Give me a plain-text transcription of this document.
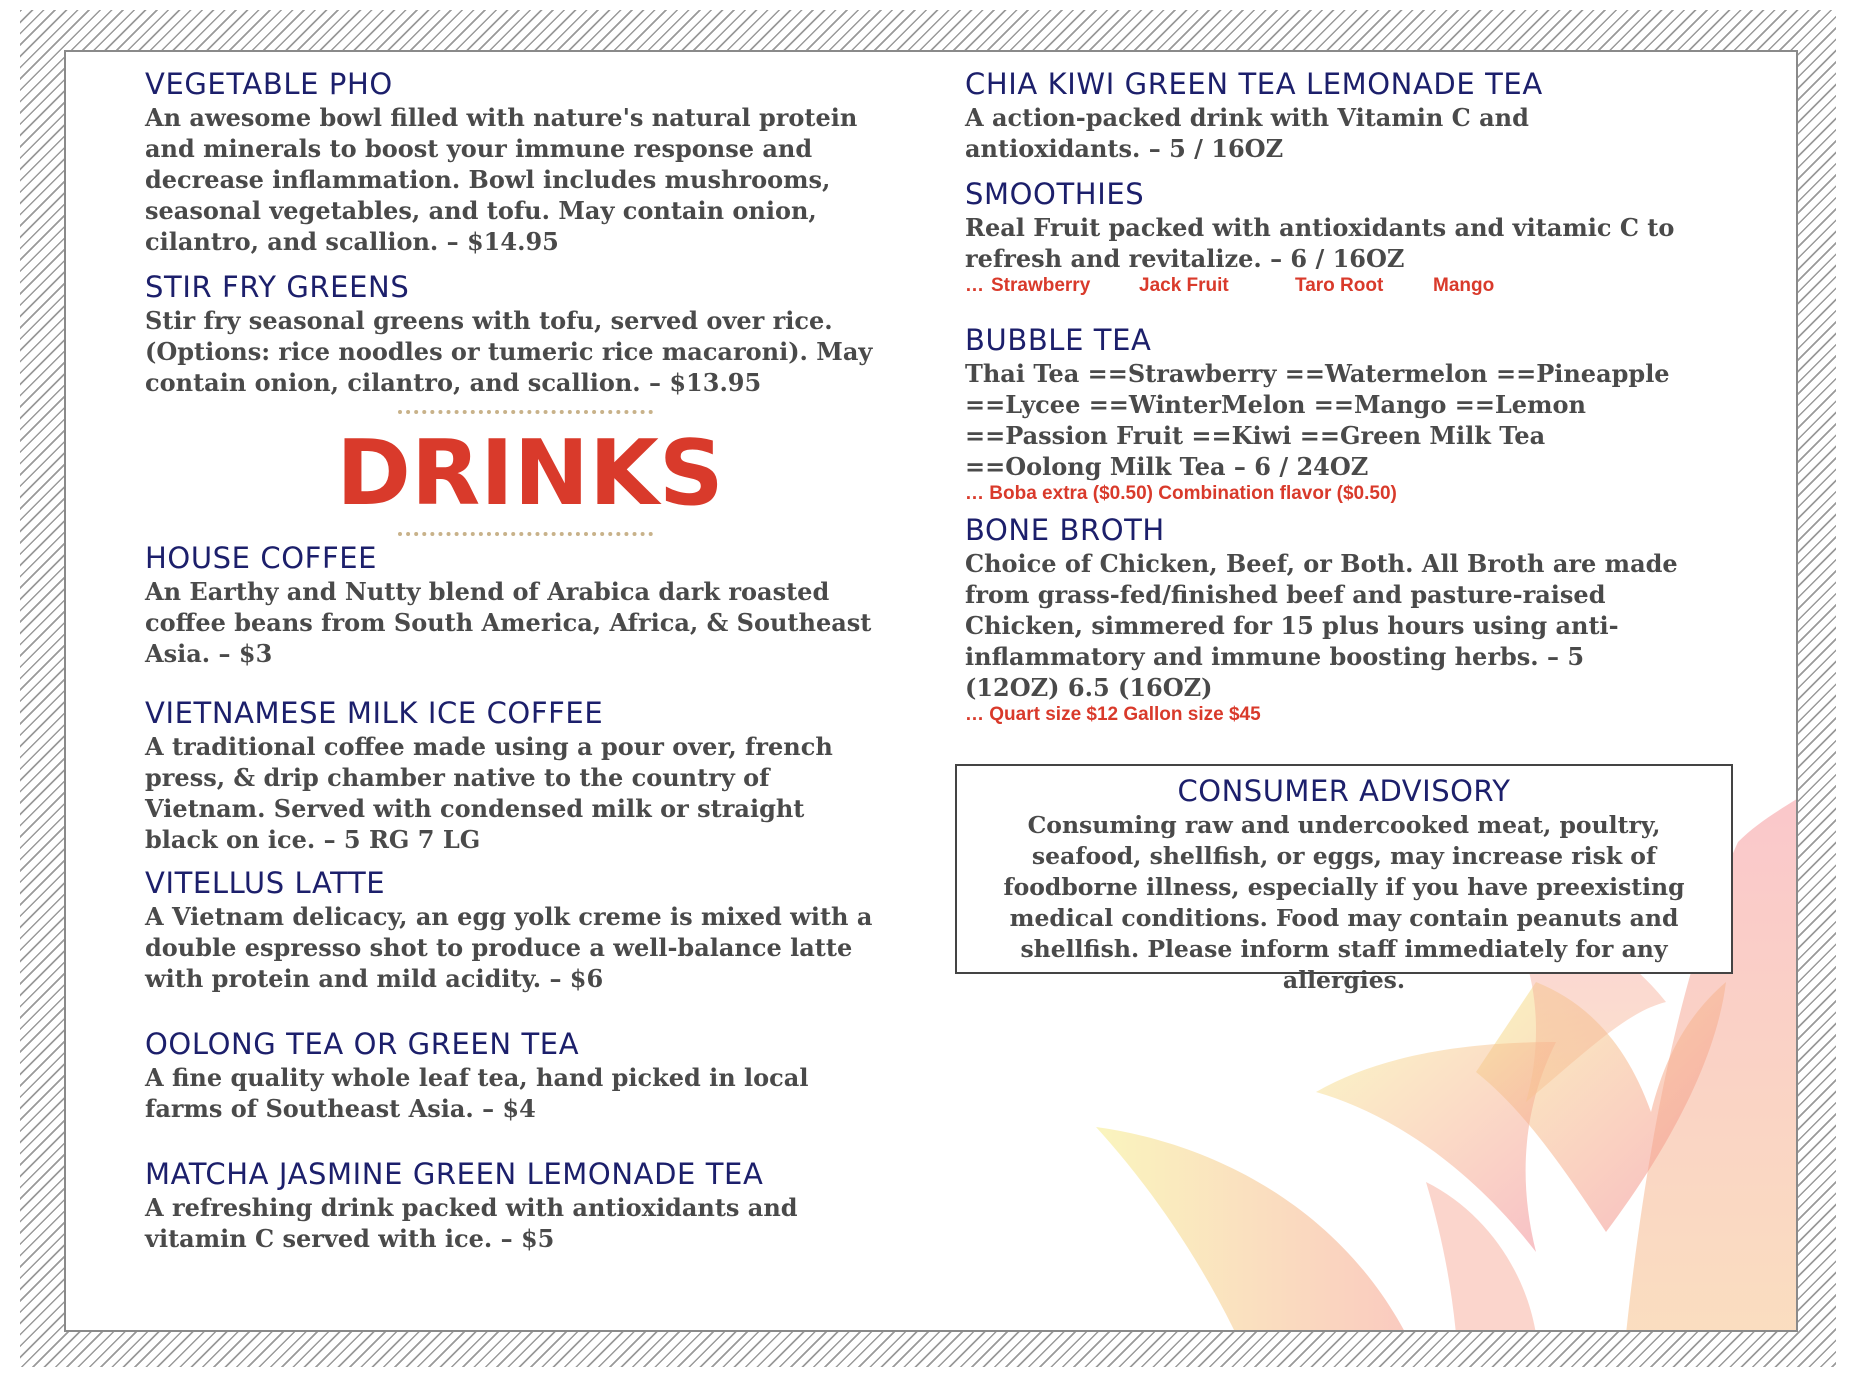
VEGETABLE PHO

An awesome bowl filled with nature's natural protein and minerals to boost your immune response and decrease inflammation. Bowl includes mushrooms, seasonal vegetables, and tofu. May contain onion, cilantro, and scallion. – $14.95

STIR FRY GREENS

Stir fry seasonal greens with tofu, served over rice. (Options: rice noodles or tumeric rice macaroni). May contain onion, cilantro, and scallion. – $13.95

DRINKS
HOUSE COFFEE

An Earthy and Nutty blend of Arabica dark roasted coffee beans from South America, Africa, & Southeast Asia. – $3

VIETNAMESE MILK ICE COFFEE

A traditional coffee made using a pour over, french press, & drip chamber native to the country of Vietnam. Served with condensed milk or straight black on ice. – 5 RG 7 LG

VITELLUS LATTE

A Vietnam delicacy, an egg yolk creme is mixed with a double espresso shot to produce a well-balance latte with protein and mild acidity. – $6

OOLONG TEA OR GREEN TEA

A fine quality whole leaf tea, hand picked in local farms of Southeast Asia. – $4

MATCHA JASMINE GREEN LEMONADE TEA

A refreshing drink packed with antioxidants and vitamin C served with ice. – $5

CHIA KIWI GREEN TEA LEMONADE TEA

A action-packed drink with Vitamin C and antioxidants. – 5 / 16OZ

SMOOTHIES

Real Fruit packed with antioxidants and vitamic C to refresh and revitalize. – 6 / 16OZ

… Strawberry	Jack Fruit	Taro Root	Mango
BUBBLE TEA

Thai Tea ==Strawberry ==Watermelon ==Pineapple ==Lycee ==WinterMelon ==Mango ==Lemon ==Passion Fruit ==Kiwi ==Green Milk Tea ==Oolong Milk Tea – 6 / 24OZ

… Boba extra ($0.50) Combination flavor ($0.50)
BONE BROTH

Choice of Chicken, Beef, or Both. All Broth are made from grass-fed/finished beef and pasture-raised Chicken, simmered for 15 plus hours using anti-inflammatory and immune boosting herbs. – 5 (12OZ) 6.5 (16OZ)

… Quart size $12 Gallon size $45
CONSUMER ADVISORY

Consuming raw and undercooked meat, poultry, seafood, shellfish, or eggs, may increase risk of foodborne illness, especially if you have preexisting medical conditions. Food may contain peanuts and shellfish. Please inform staff immediately for any allergies.
